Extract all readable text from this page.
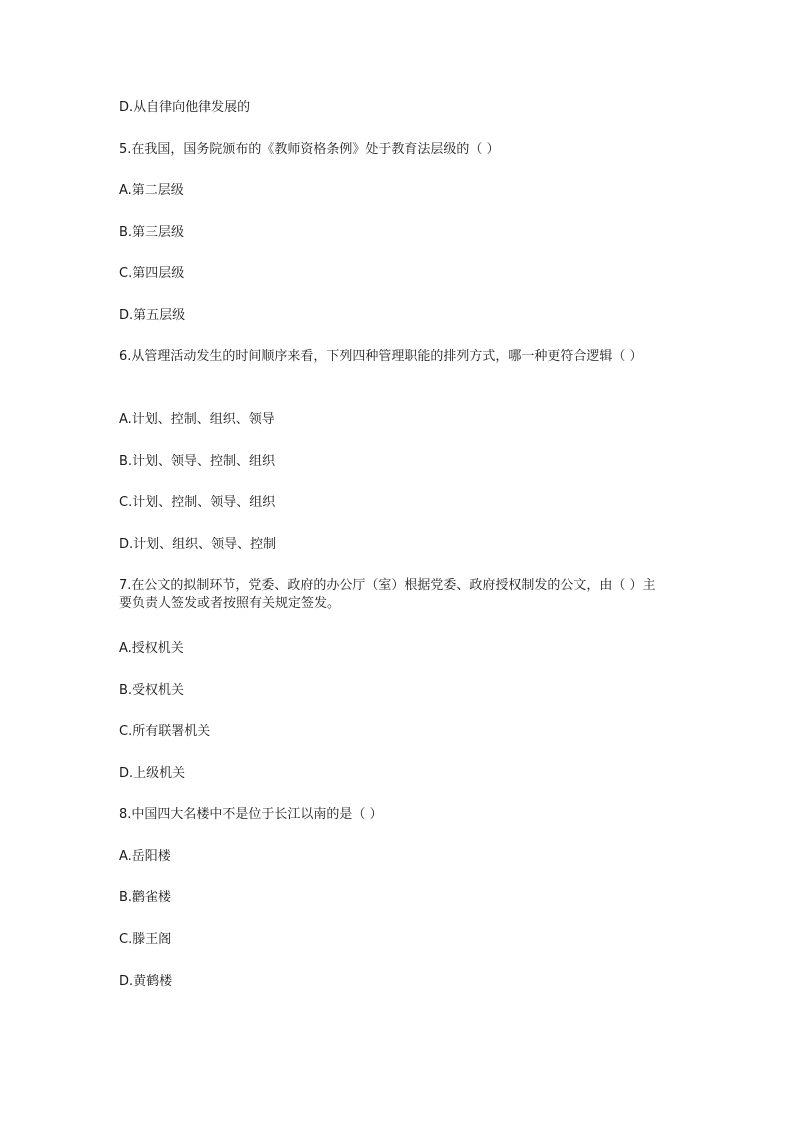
D.从自律向他律发展的
5.在我国，国务院颁布的《教师资格条例》处于教育法层级的（ ）
A.第二层级
B.第三层级
C.第四层级
D.第五层级
6.从管理活动发生的时间顺序来看，下列四种管理职能的排列方式，哪一种更符合逻辑（ ）
A.计划、控制、组织、领导
B.计划、领导、控制、组织
C.计划、控制、领导、组织
D.计划、组织、领导、控制
7.在公文的拟制环节，党委、政府的办公厅（室）根据党委、政府授权制发的公文，由（ ）主要负责人签发或者按照有关规定签发。
A.授权机关
B.受权机关
C.所有联署机关
D.上级机关
8.中国四大名楼中不是位于长江以南的是（ ）
A.岳阳楼
B.鹳雀楼
C.滕王阁
D.黄鹤楼
